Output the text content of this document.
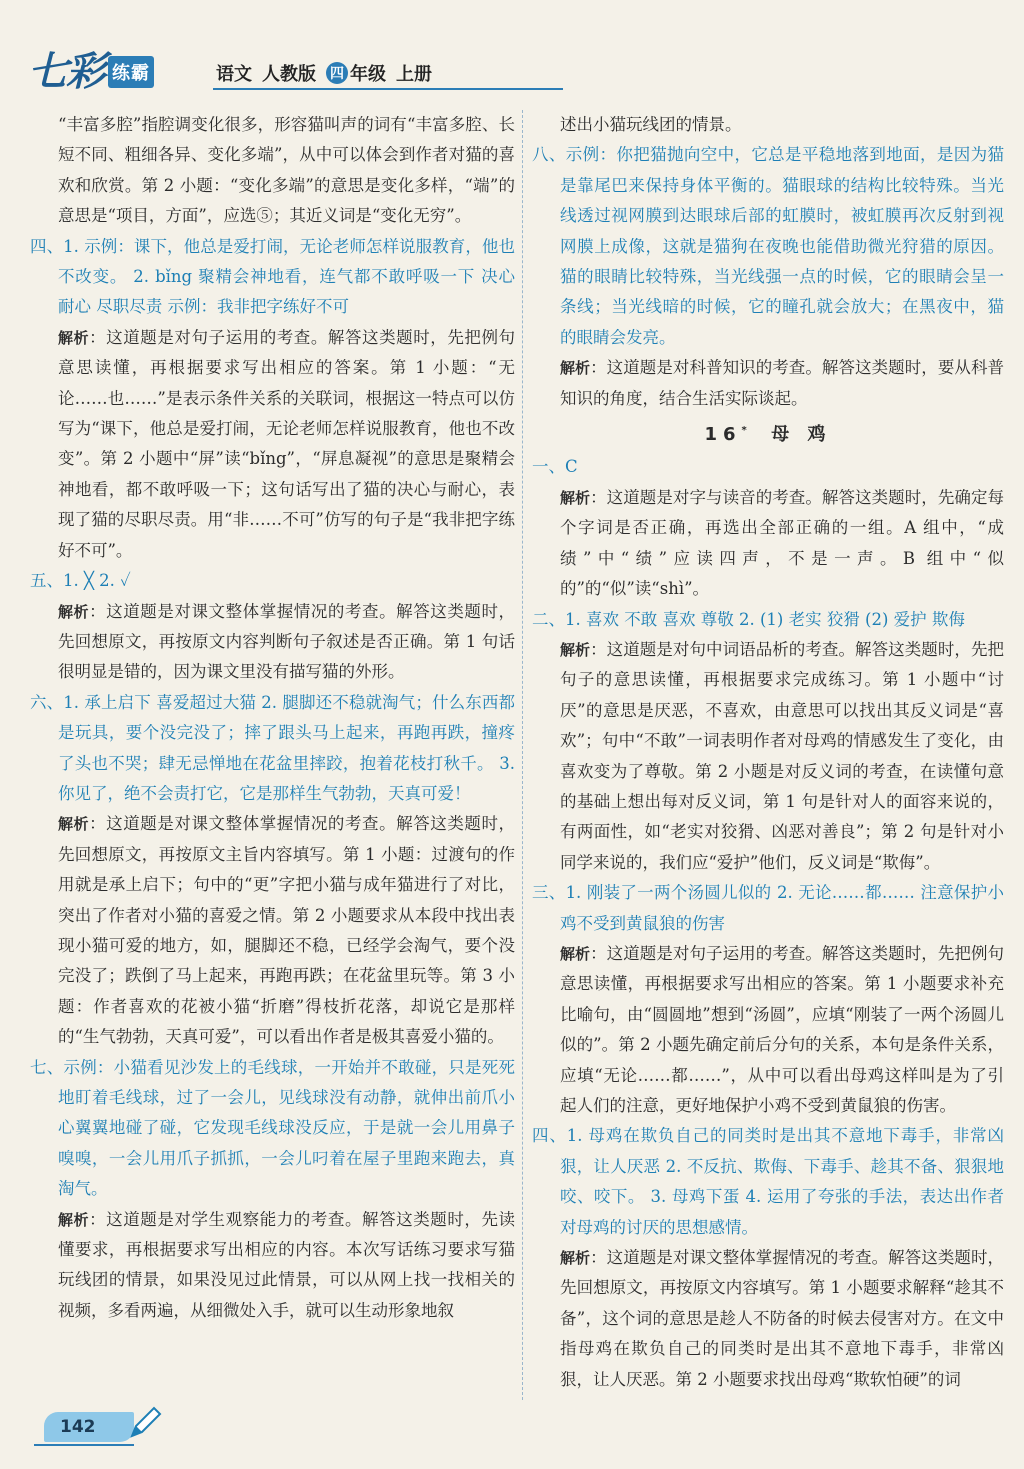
七彩 练霸	语文 人教版 四 年级 上册

“丰富多腔”指腔调变化很多，形容猫叫声的词有“丰富多腔、长短不同、粗细各异、变化多端”，从中可以体会到作者对猫的喜欢和欣赏。第 2 小题：“变化多端”的意思是变化多样，“端”的意思是“项目，方面”，应选⑤；其近义词是“变化无穷”。

四、1. 示例：课下，他总是爱打闹，无论老师怎样说服教育，他也不改变。 2. bǐng 聚精会神地看，连气都不敢呼吸一下 决心 耐心 尽职尽责 示例：我非把字练好不可

解析：这道题是对句子运用的考查。解答这类题时，先把例句意思读懂，再根据要求写出相应的答案。第 1 小题：“无论……也……”是表示条件关系的关联词，根据这一特点可以仿写为“课下，他总是爱打闹，无论老师怎样说服教育，他也不改变”。第 2 小题中“屏”读“bǐng”，“屏息凝视”的意思是聚精会神地看，都不敢呼吸一下；这句话写出了猫的决心与耐心，表现了猫的尽职尽责。用“非……不可”仿写的句子是“我非把字练好不可”。

五、1. ╳ 2. ✓

解析：这道题是对课文整体掌握情况的考查。解答这类题时，先回想原文，再按原文内容判断句子叙述是否正确。第 1 句话很明显是错的，因为课文里没有描写猫的外形。

六、1. 承上启下 喜爱超过大猫 2. 腿脚还不稳就淘气；什么东西都是玩具，要个没完没了；摔了跟头马上起来，再跑再跌，撞疼了头也不哭；肆无忌惮地在花盆里摔跤，抱着花枝打秋千。 3. 你见了，绝不会责打它，它是那样生气勃勃，天真可爱！

解析：这道题是对课文整体掌握情况的考查。解答这类题时，先回想原文，再按原文主旨内容填写。第 1 小题：过渡句的作用就是承上启下；句中的“更”字把小猫与成年猫进行了对比，突出了作者对小猫的喜爱之情。第 2 小题要求从本段中找出表现小猫可爱的地方，如，腿脚还不稳，已经学会淘气，要个没完没了；跌倒了马上起来，再跑再跌；在花盆里玩等。第 3 小题：作者喜欢的花被小猫“折磨”得枝折花落，却说它是那样的“生气勃勃，天真可爱”，可以看出作者是极其喜爱小猫的。

七、示例：小猫看见沙发上的毛线球，一开始并不敢碰，只是死死地盯着毛线球，过了一会儿，见线球没有动静，就伸出前爪小心翼翼地碰了碰，它发现毛线球没反应，于是就一会儿用鼻子嗅嗅，一会儿用爪子抓抓，一会儿叼着在屋子里跑来跑去，真淘气。

解析：这道题是对学生观察能力的考查。解答这类题时，先读懂要求，再根据要求写出相应的内容。本次写话练习要求写猫玩线团的情景，如果没见过此情景，可以从网上找一找相关的视频，多看两遍，从细微处入手，就可以生动形象地叙

述出小猫玩线团的情景。

八、示例：你把猫抛向空中，它总是平稳地落到地面，是因为猫是靠尾巴来保持身体平衡的。猫眼球的结构比较特殊。当光线透过视网膜到达眼球后部的虹膜时，被虹膜再次反射到视网膜上成像，这就是猫狗在夜晚也能借助微光狩猎的原因。猫的眼睛比较特殊，当光线强一点的时候，它的眼睛会呈一条线；当光线暗的时候，它的瞳孔就会放大；在黑夜中，猫的眼睛会发亮。

解析：这道题是对科普知识的考查。解答这类题时，要从科普知识的角度，结合生活实际谈起。

16* 母 鸡

一、C

解析：这道题是对字与读音的考查。解答这类题时，先确定每个字词是否正确，再选出全部正确的一组。A 组中，“成绩”中“绩”应读四声，不是一声。B 组中“似的”的“似”读“shì”。

二、1. 喜欢 不敢 喜欢 尊敬 2. (1) 老实 狡猾 (2) 爱护 欺侮

解析：这道题是对句中词语品析的考查。解答这类题时，先把句子的意思读懂，再根据要求完成练习。第 1 小题中“讨厌”的意思是厌恶，不喜欢，由意思可以找出其反义词是“喜欢”；句中“不敢”一词表明作者对母鸡的情感发生了变化，由喜欢变为了尊敬。第 2 小题是对反义词的考查，在读懂句意的基础上想出每对反义词，第 1 句是针对人的面容来说的，有两面性，如“老实对狡猾、凶恶对善良”；第 2 句是针对小同学来说的，我们应“爱护”他们，反义词是“欺侮”。

三、1. 刚装了一两个汤圆儿似的 2. 无论……都…… 注意保护小鸡不受到黄鼠狼的伤害

解析：这道题是对句子运用的考查。解答这类题时，先把例句意思读懂，再根据要求写出相应的答案。第 1 小题要求补充比喻句，由“圆圆地”想到“汤圆”，应填“刚装了一两个汤圆儿似的”。第 2 小题先确定前后分句的关系，本句是条件关系，应填“无论……都……”，从中可以看出母鸡这样叫是为了引起人们的注意，更好地保护小鸡不受到黄鼠狼的伤害。

四、1. 母鸡在欺负自己的同类时是出其不意地下毒手，非常凶狠，让人厌恶 2. 不反抗、欺侮、下毒手、趁其不备、狠狠地咬、咬下。 3. 母鸡下蛋 4. 运用了夸张的手法，表达出作者对母鸡的讨厌的思想感情。

解析：这道题是对课文整体掌握情况的考查。解答这类题时，先回想原文，再按原文内容填写。第 1 小题要求解释“趁其不备”，这个词的意思是趁人不防备的时候去侵害对方。在文中指母鸡在欺负自己的同类时是出其不意地下毒手，非常凶狠，让人厌恶。第 2 小题要求找出母鸡“欺软怕硬”的词

142
